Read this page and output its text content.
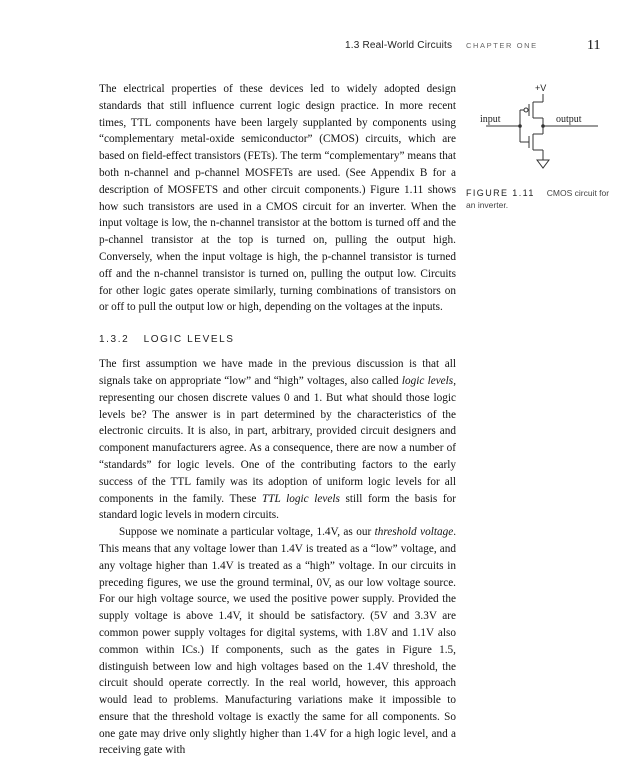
1.3 Real-World Circuits CHAPTER ONE	11

The electrical properties of these devices led to widely adopted design standards that still influence current logic design practice. In more recent times, TTL components have been largely supplanted by components using “complementary metal-oxide semiconductor” (CMOS) circuits, which are based on field-effect transistors (FETs). The term “complementary” means that both n-channel and p-channel MOSFETs are used. (See Appendix B for a description of MOSFETS and other circuit components.) Figure 1.11 shows how such transistors are used in a CMOS circuit for an inverter. When the input voltage is low, the n-channel transistor at the bottom is turned off and the p-channel transistor at the top is turned on, pulling the output high. Conversely, when the input voltage is high, the p-channel transistor is turned off and the n-channel transistor is turned on, pulling the output low. Circuits for other logic gates operate similarly, turning combinations of transistors on or off to pull the output low or high, depending on the voltages at the inputs.

1.3.2 LOGIC LEVELS

The first assumption we have made in the previous discussion is that all signals take on appropriate “low” and “high” voltages, also called logic levels, representing our chosen discrete values 0 and 1. But what should those logic levels be? The answer is in part determined by the characteristics of the electronic circuits. It is also, in part, arbitrary, provided circuit designers and component manufacturers agree. As a consequence, there are now a number of “standards” for logic levels. One of the contributing factors to the early success of the TTL family was its adoption of uniform logic levels for all components in the family. These TTL logic levels still form the basis for standard logic levels in modern circuits.

Suppose we nominate a particular voltage, 1.4V, as our threshold voltage. This means that any voltage lower than 1.4V is treated as a “low” voltage, and any voltage higher than 1.4V is treated as a “high” voltage. In our circuits in preceding figures, we use the ground terminal, 0V, as our low voltage source. For our high voltage source, we used the positive power supply. Provided the supply voltage is above 1.4V, it should be satisfactory. (5V and 3.3V are common power supply voltages for digital systems, with 1.8V and 1.1V also common within ICs.) If components, such as the gates in Figure 1.5, distinguish between low and high voltages based on the 1.4V threshold, the circuit should operate correctly. In the real world, however, this approach would lead to problems. Manufacturing variations make it impossible to ensure that the threshold voltage is exactly the same for all components. So one gate may drive only slightly higher than 1.4V for a high logic level, and a receiving gate with

+V
input	output
FIGURE 1.11 CMOS circuit for an inverter.
